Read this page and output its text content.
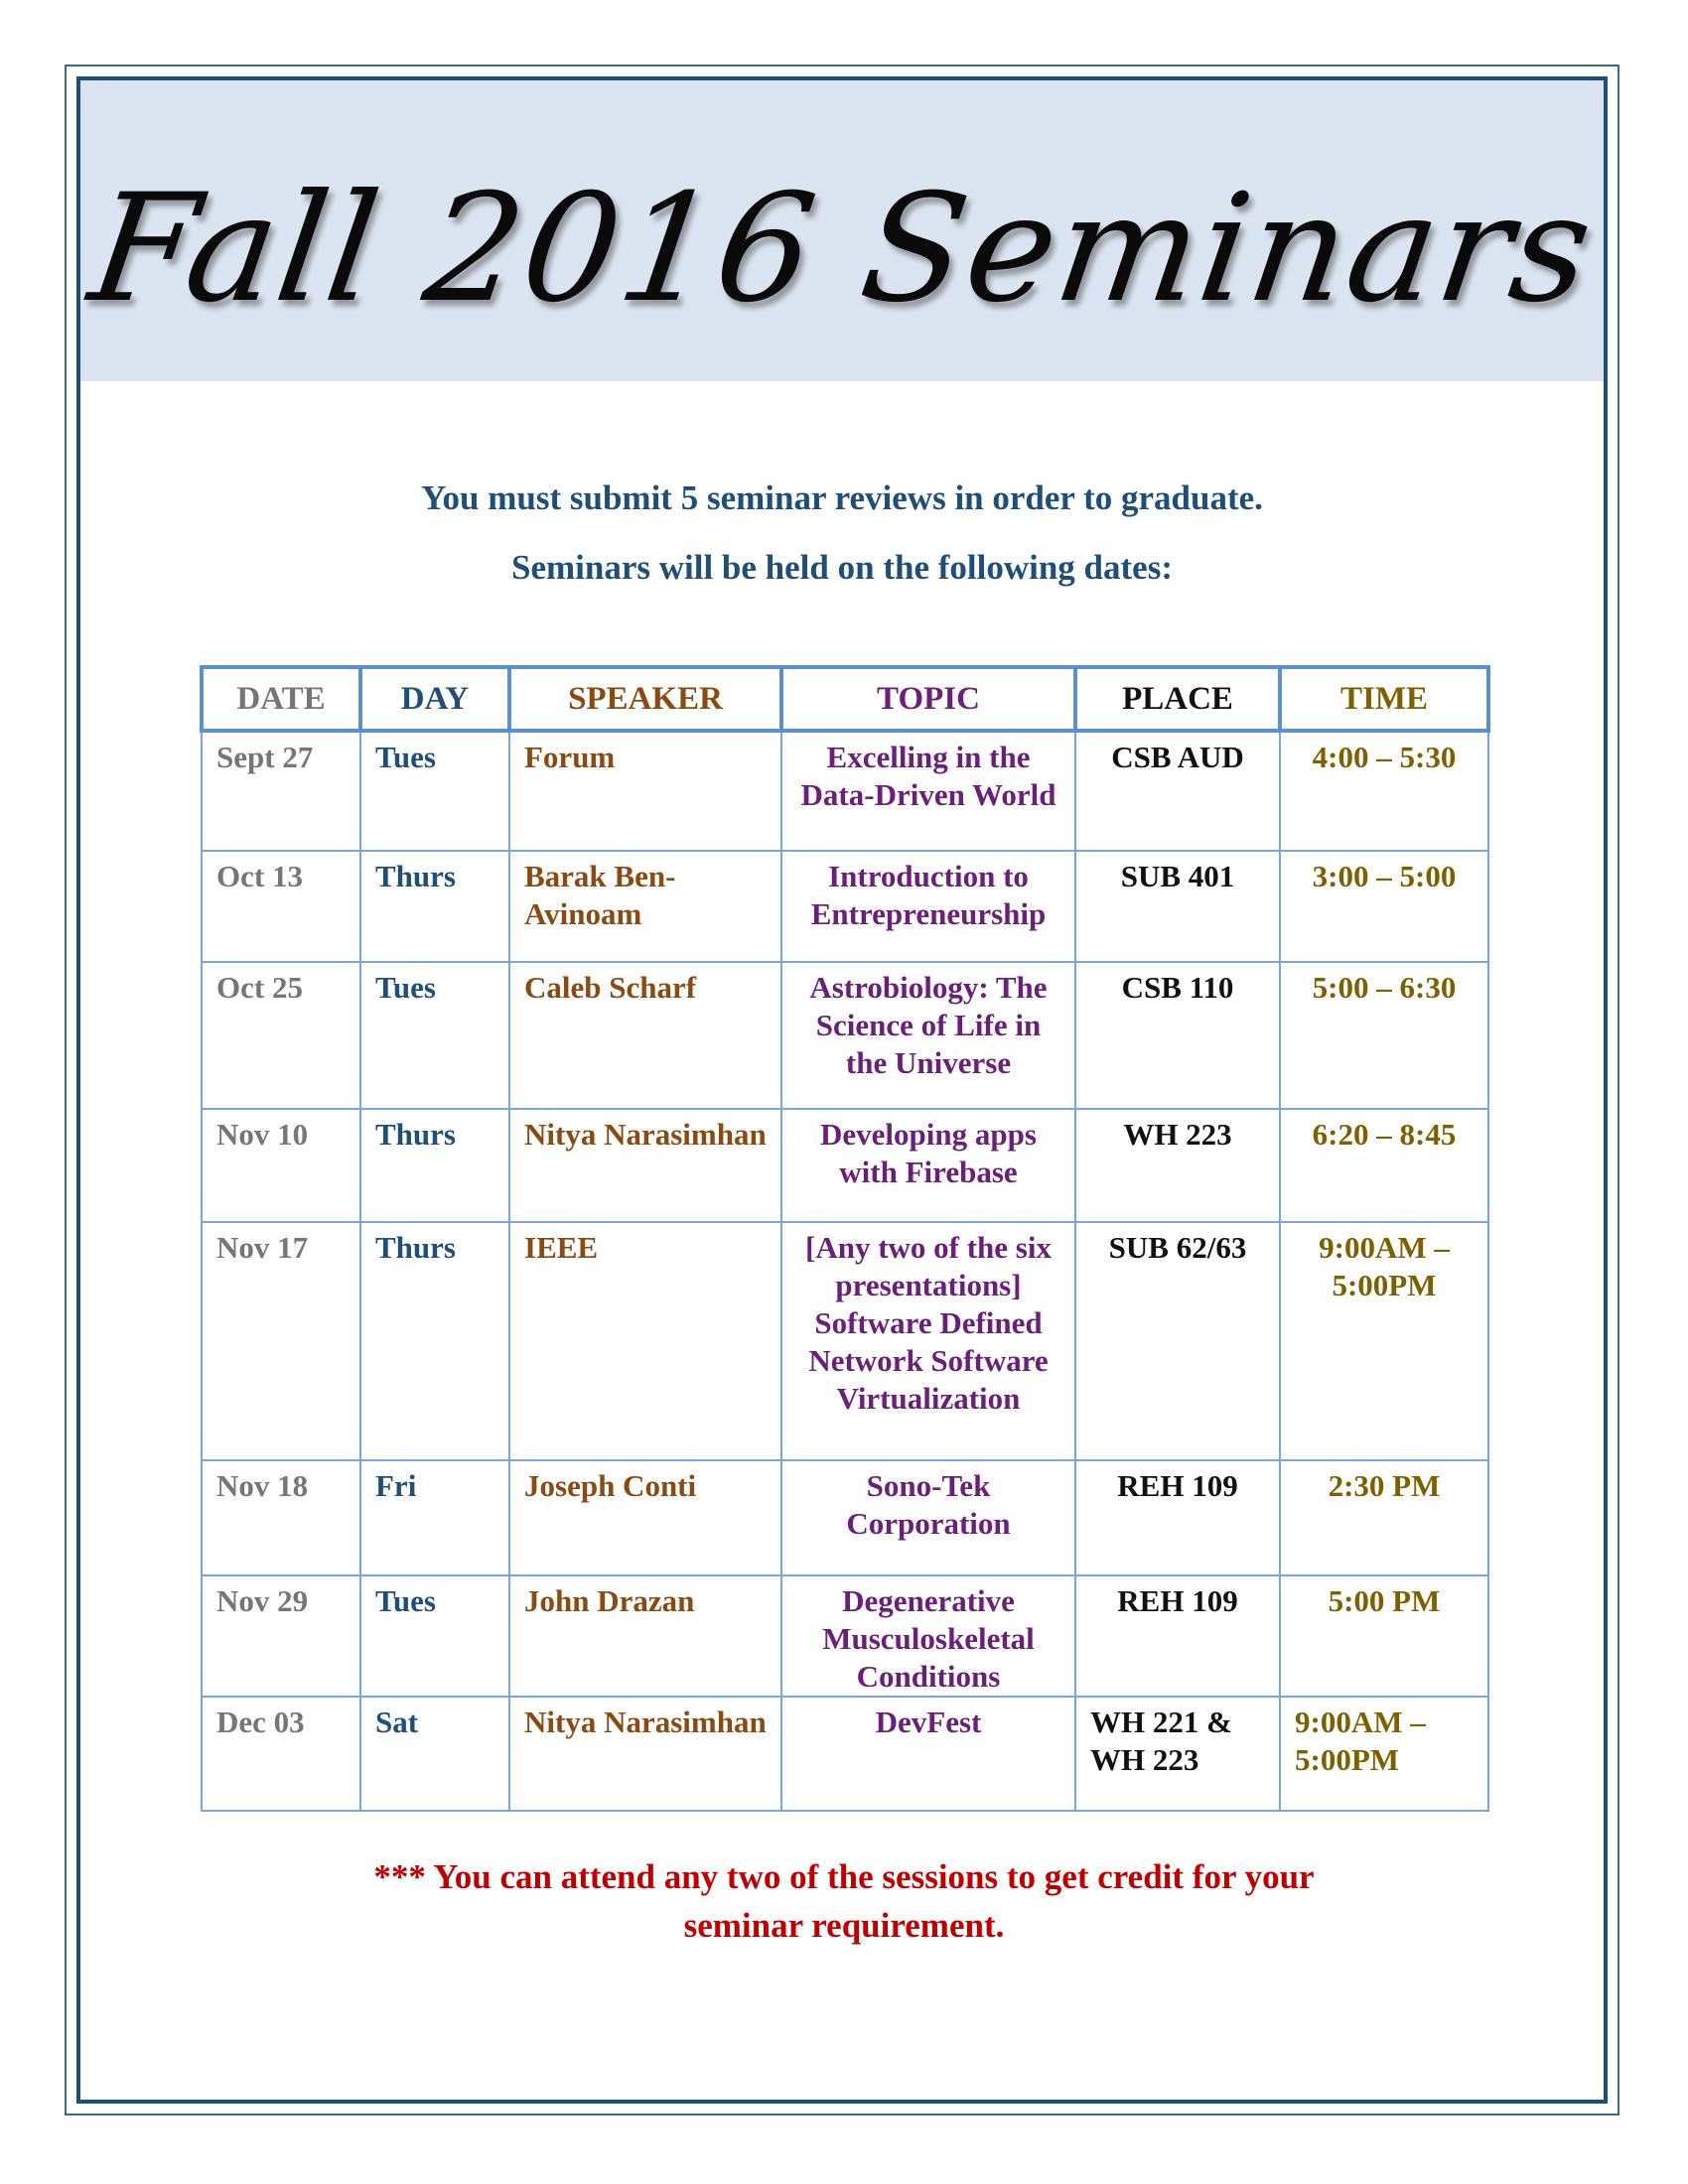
Fall 2016 Seminars
You must submit 5 seminar reviews in order to graduate.
Seminars will be held on the following dates:
DATE	DAY	SPEAKER	TOPIC	PLACE	TIME
Sept 27	Tues	Forum	Excelling in the Data-Driven World	CSB AUD	4:00 – 5:30
Oct 13	Thurs	Barak Ben-Avinoam	Introduction to Entrepreneurship	SUB 401	3:00 – 5:00
Oct 25	Tues	Caleb Scharf	Astrobiology: The Science of Life in the Universe	CSB 110	5:00 – 6:30
Nov 10	Thurs	Nitya Narasimhan	Developing apps with Firebase	WH 223	6:20 – 8:45
Nov 17	Thurs	IEEE	[Any two of the six presentations] Software Defined Network Software Virtualization	SUB 62/63	9:00AM – 5:00PM
Nov 18	Fri	Joseph Conti	Sono-Tek Corporation	REH 109	2:30 PM
Nov 29	Tues	John Drazan	Degenerative Musculoskeletal Conditions	REH 109	5:00 PM
Dec 03	Sat	Nitya Narasimhan	DevFest	WH 221 & WH 223	9:00AM – 5:00PM
*** You can attend any two of the sessions to get credit for your
seminar requirement.
